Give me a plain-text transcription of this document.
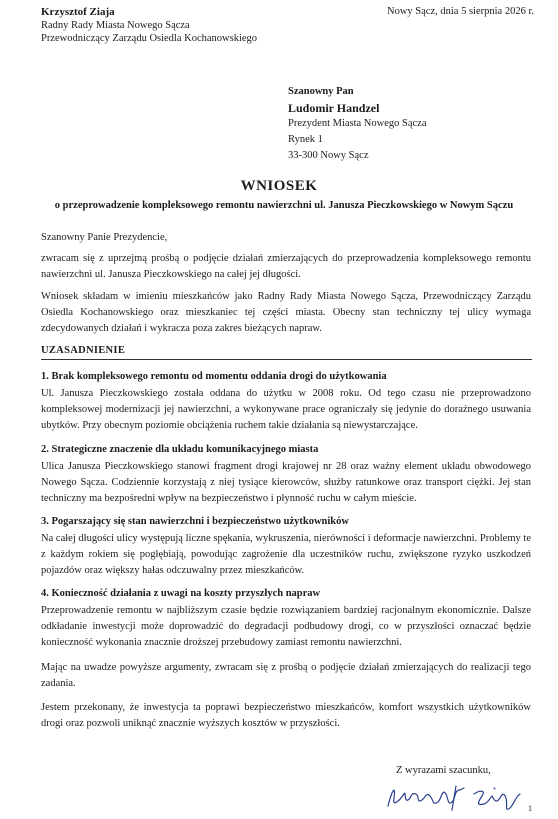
Krzysztof Ziaja
Radny Rady Miasta Nowego Sącza
Przewodniczący Zarządu Osiedla Kochanowskiego
Nowy Sącz, dnia 5 sierpnia 2026 r.
Szanowny Pan
Ludomir Handzel
Prezydent Miasta Nowego Sącza
Rynek 1
33-300 Nowy Sącz
WNIOSEK
o przeprowadzenie kompleksowego remontu nawierzchni ul. Janusza Pieczkowskiego w Nowym Sączu
Szanowny Panie Prezydencie,
zwracam się z uprzejmą prośbą o podjęcie działań zmierzających do przeprowadzenia kompleksowego remontu nawierzchni ul. Janusza Pieczkowskiego na całej jej długości.
Wniosek składam w imieniu mieszkańców jako Radny Rady Miasta Nowego Sącza, Przewodniczący Zarządu Osiedla Kochanowskiego oraz mieszkaniec tej części miasta. Obecny stan techniczny tej ulicy wymaga zdecydowanych działań i wykracza poza zakres bieżących napraw.
UZASADNIENIE
1. Brak kompleksowego remontu od momentu oddania drogi do użytkowania
Ul. Janusza Pieczkowskiego została oddana do użytku w 2008 roku. Od tego czasu nie przeprowadzono kompleksowej modernizacji jej nawierzchni, a wykonywane prace ograniczały się jedynie do doraźnego usuwania ubytków. Przy obecnym poziomie obciążenia ruchem takie działania są niewystarczające.
2. Strategiczne znaczenie dla układu komunikacyjnego miasta
Ulica Janusza Pieczkowskiego stanowi fragment drogi krajowej nr 28 oraz ważny element układu obwodowego Nowego Sącza. Codziennie korzystają z niej tysiące kierowców, służby ratunkowe oraz transport ciężki. Jej stan techniczny ma bezpośredni wpływ na bezpieczeństwo i płynność ruchu w całym mieście.
3. Pogarszający się stan nawierzchni i bezpieczeństwo użytkowników
Na całej długości ulicy występują liczne spękania, wykruszenia, nierówności i deformacje nawierzchni. Problemy te z każdym rokiem się pogłębiają, powodując zagrożenie dla uczestników ruchu, zwiększone ryzyko uszkodzeń pojazdów oraz większy hałas odczuwalny przez mieszkańców.
4. Konieczność działania z uwagi na koszty przyszłych napraw
Przeprowadzenie remontu w najbliższym czasie będzie rozwiązaniem bardziej racjonalnym ekonomicznie. Dalsze odkładanie inwestycji może doprowadzić do degradacji podbudowy drogi, co w przyszłości oznaczać będzie konieczność wykonania znacznie droższej przebudowy zamiast remontu nawierzchni.
Mając na uwadze powyższe argumenty, zwracam się z prośbą o podjęcie działań zmierzających do realizacji tego zadania.
Jestem przekonany, że inwestycja ta poprawi bezpieczeństwo mieszkańców, komfort wszystkich użytkowników drogi oraz pozwoli uniknąć znacznie wyższych kosztów w przyszłości.
Z wyrazami szacunku,
1
